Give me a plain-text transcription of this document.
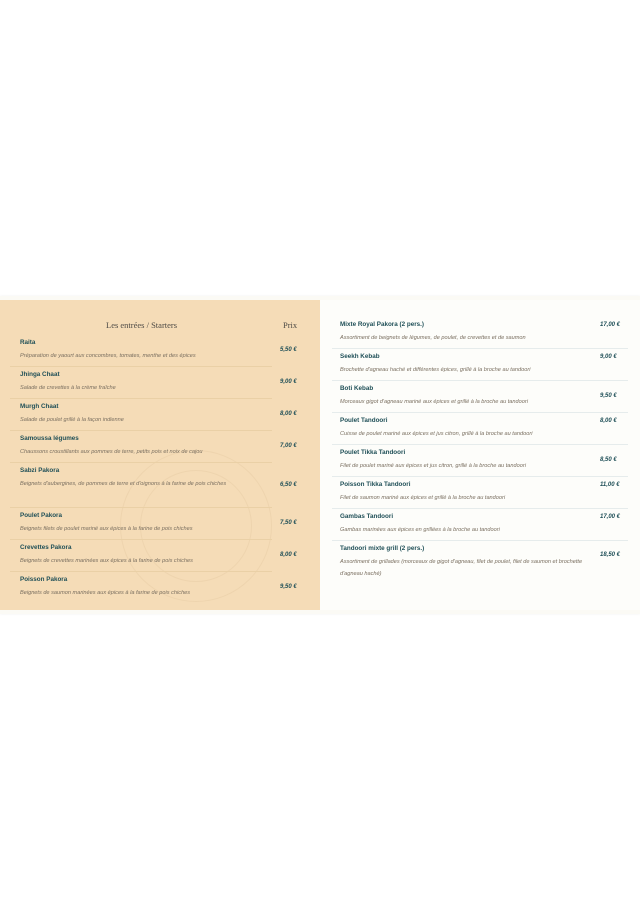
Les entrées / Starters	Prix
Raita
Préparation de yaourt aux concombres, tomates, menthe et des épices
5,50 €
Jhinga Chaat
Salade de crevettes à la crème fraîche
9,00 €
Murgh Chaat
Salade de poulet grillé à la façon indienne
8,00 €
Samoussa légumes
Chaussons croustillants aux pommes de terre, petits pois et noix de cajou
7,00 €
Sabzi Pakora
Beignets d'aubergines, de pommes de terre et d'oignons à la farine de pois chiches	6,50 €
Poulet Pakora
Beignets filets de poulet mariné aux épices à la farine de pois chiches
7,50 €
Crevettes Pakora
Beignets de crevettes marinées aux épices à la farine de pois chiches
8,00 €
Poisson Pakora
Beignets de saumon marinées aux épices à la farine de pois chiches
9,50 €
Mixte Royal Pakora (2 pers.)
Assortiment de beignets de légumes, de poulet, de crevettes et de saumon
17,00 €
Seekh Kebab
Brochette d'agneau haché et différentes épices, grillé à la broche au tandoori
9,00 €
Boti Kebab
Morceaux gigot d'agneau mariné aux épices et grillé à la broche au tandoori
9,50 €
Poulet Tandoori
Cuisse de poulet mariné aux épices et jus citron, grillé à la broche au tandoori
8,00 €
Poulet Tikka Tandoori
Filet de poulet mariné aux épices et jus citron, grillé à la broche au tandoori
8,50 €
Poisson Tikka Tandoori
Filet de saumon mariné aux épices et grillé à la broche au tandoori
11,00 €
Gambas Tandoori
Gambas marinées aux épices en grillées à la broche au tandoori
17,00 €
Tandoori mixte grill (2 pers.)
Assortiment de grillades (morceaux de gigot d'agneau, filet de poulet, filet de saumon et brochette d'agneau haché)
18,50 €
